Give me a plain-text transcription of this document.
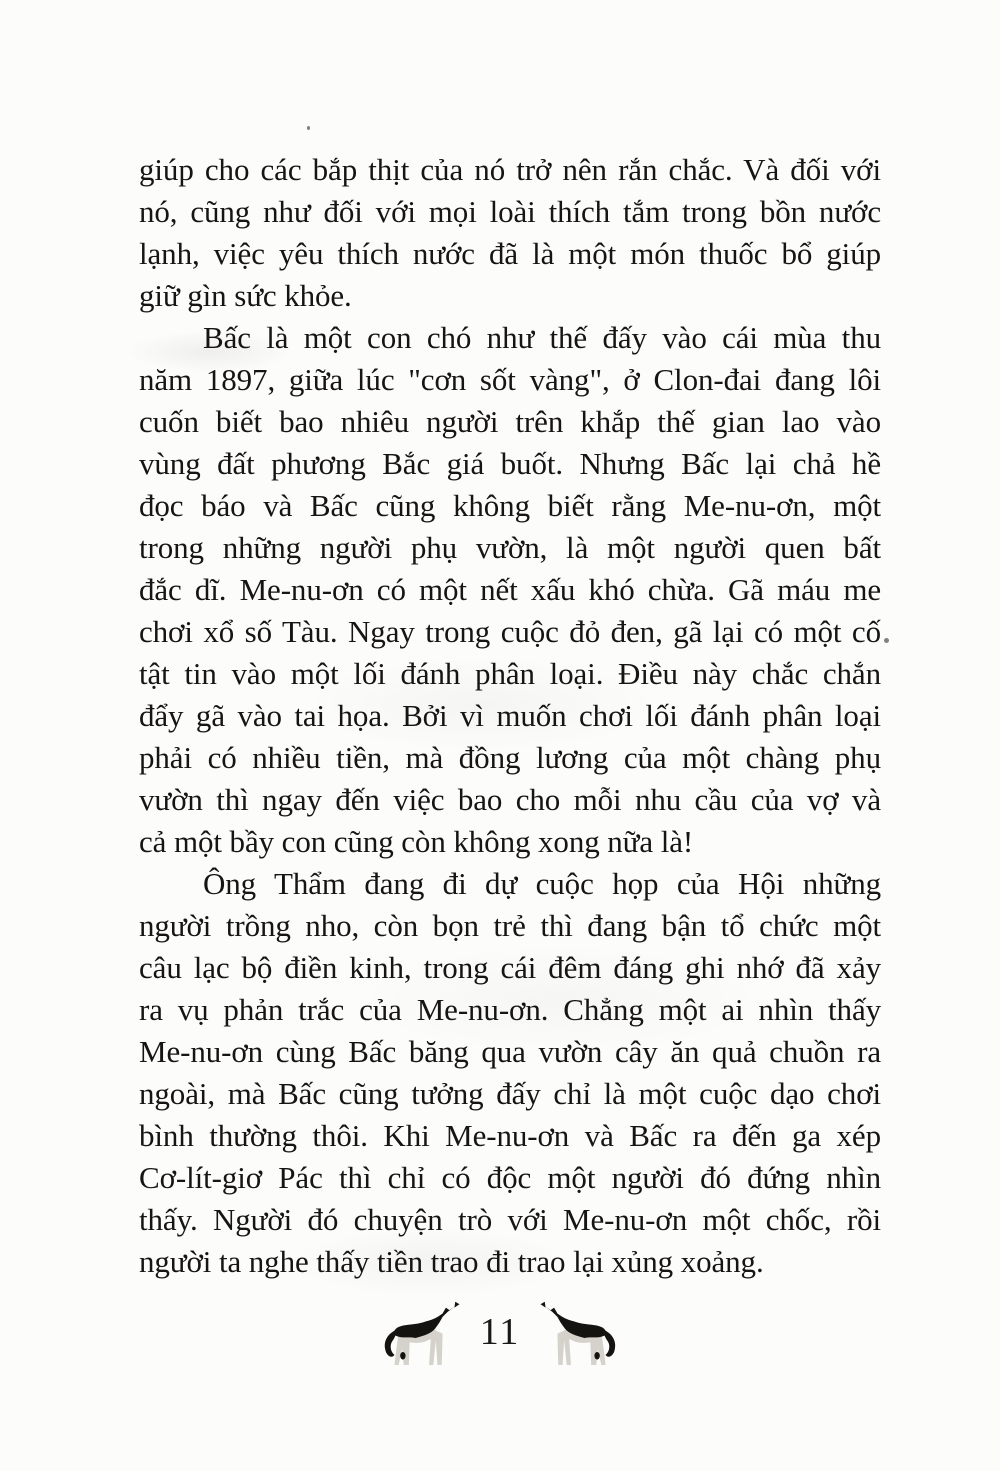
giúp cho các bắp thịt của nó trở nên rắn chắc. Và đối với
nó, cũng như đối với mọi loài thích tắm trong bồn nước
lạnh, việc yêu thích nước đã là một món thuốc bổ giúp
giữ gìn sức khỏe.
Bấc là một con chó như thế đấy vào cái mùa thu
năm 1897, giữa lúc "cơn sốt vàng", ở Clon-đai đang lôi
cuốn biết bao nhiêu người trên khắp thế gian lao vào
vùng đất phương Bắc giá buốt. Nhưng Bấc lại chả hề
đọc báo và Bấc cũng không biết rằng Me-nu-ơn, một
trong những người phụ vườn, là một người quen bất
đắc dĩ. Me-nu-ơn có một nết xấu khó chừa. Gã máu me
chơi xổ số Tàu. Ngay trong cuộc đỏ đen, gã lại có một cố
tật tin vào một lối đánh phân loại. Điều này chắc chắn
đẩy gã vào tai họa. Bởi vì muốn chơi lối đánh phân loại
phải có nhiều tiền, mà đồng lương của một chàng phụ
vườn thì ngay đến việc bao cho mỗi nhu cầu của vợ và
cả một bầy con cũng còn không xong nữa là!
Ông Thẩm đang đi dự cuộc họp của Hội những
người trồng nho, còn bọn trẻ thì đang bận tổ chức một
câu lạc bộ điền kinh, trong cái đêm đáng ghi nhớ đã xảy
ra vụ phản trắc của Me-nu-ơn. Chẳng một ai nhìn thấy
Me-nu-ơn cùng Bấc băng qua vườn cây ăn quả chuồn ra
ngoài, mà Bấc cũng tưởng đấy chỉ là một cuộc dạo chơi
bình thường thôi. Khi Me-nu-ơn và Bấc ra đến ga xép
Cơ-lít-giơ Pác thì chỉ có độc một người đó đứng nhìn
thấy. Người đó chuyện trò với Me-nu-ơn một chốc, rồi
người ta nghe thấy tiền trao đi trao lại xủng xoảng.
11
